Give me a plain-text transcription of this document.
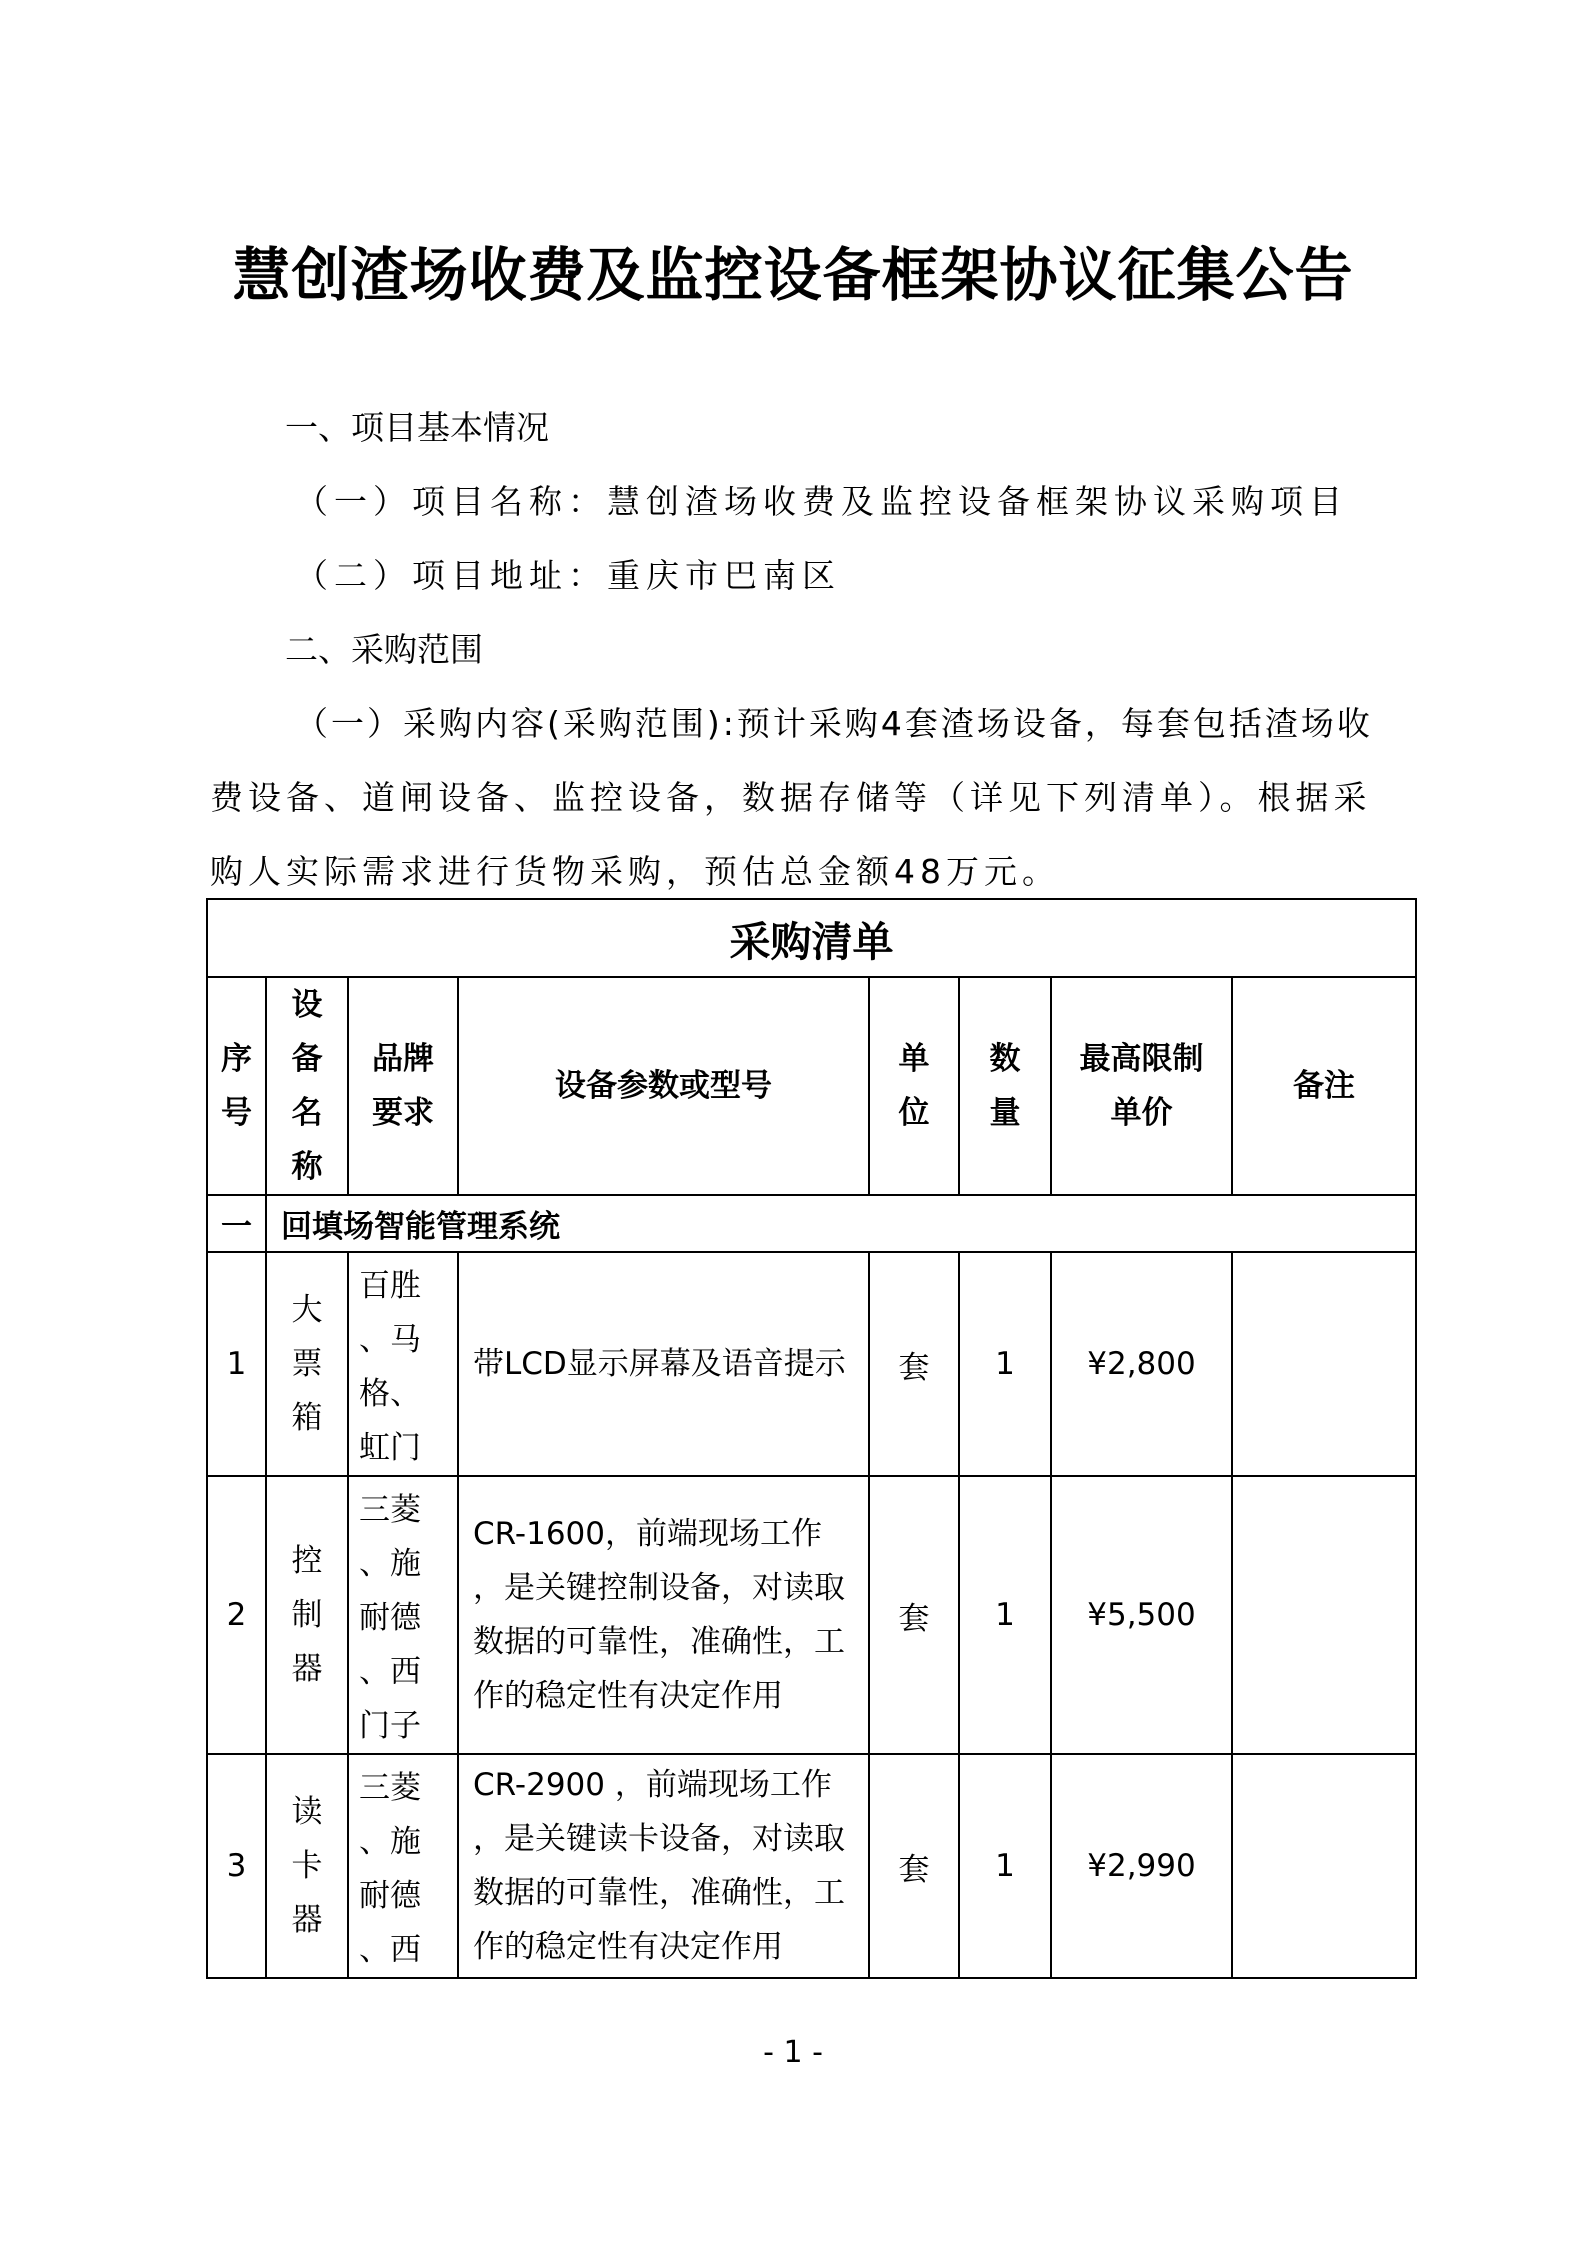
慧创渣场收费及监控设备框架协议征集公告
一、项目基本情况
（一）项目名称：慧创渣场收费及监控设备框架协议采购项目
（二）项目地址：重庆市巴南区
二、采购范围
（一）采购内容(采购范围):预计采购4套渣场设备，每套包括渣场收
费设备、道闸设备、监控设备，数据存储等（详见下列清单）。根据采
购人实际需求进行货物采购，预估总金额48万元。
采购清单							

序
号	设
备
名
称	品牌
要求	设备参数或型号	单
位	数
量	最高限制
单价	备注
一	回填场智能管理系统						
1	大
票
箱	百胜
、马
格、
虹门	带LCD显示屏幕及语音提示	套	1	¥2,800	
2	控
制
器	三菱
、施
耐德
、西
门子	CR-1600，前端现场工作
，是关键控制设备，对读取
数据的可靠性，准确性，工
作的稳定性有决定作用	套	1	¥5,500	
3	读
卡
器	三菱
、施
耐德
、西	CR-2900 ，前端现场工作
，是关键读卡设备，对读取
数据的可靠性，准确性，工
作的稳定性有决定作用	套	1	¥2,990	
- 1 -
